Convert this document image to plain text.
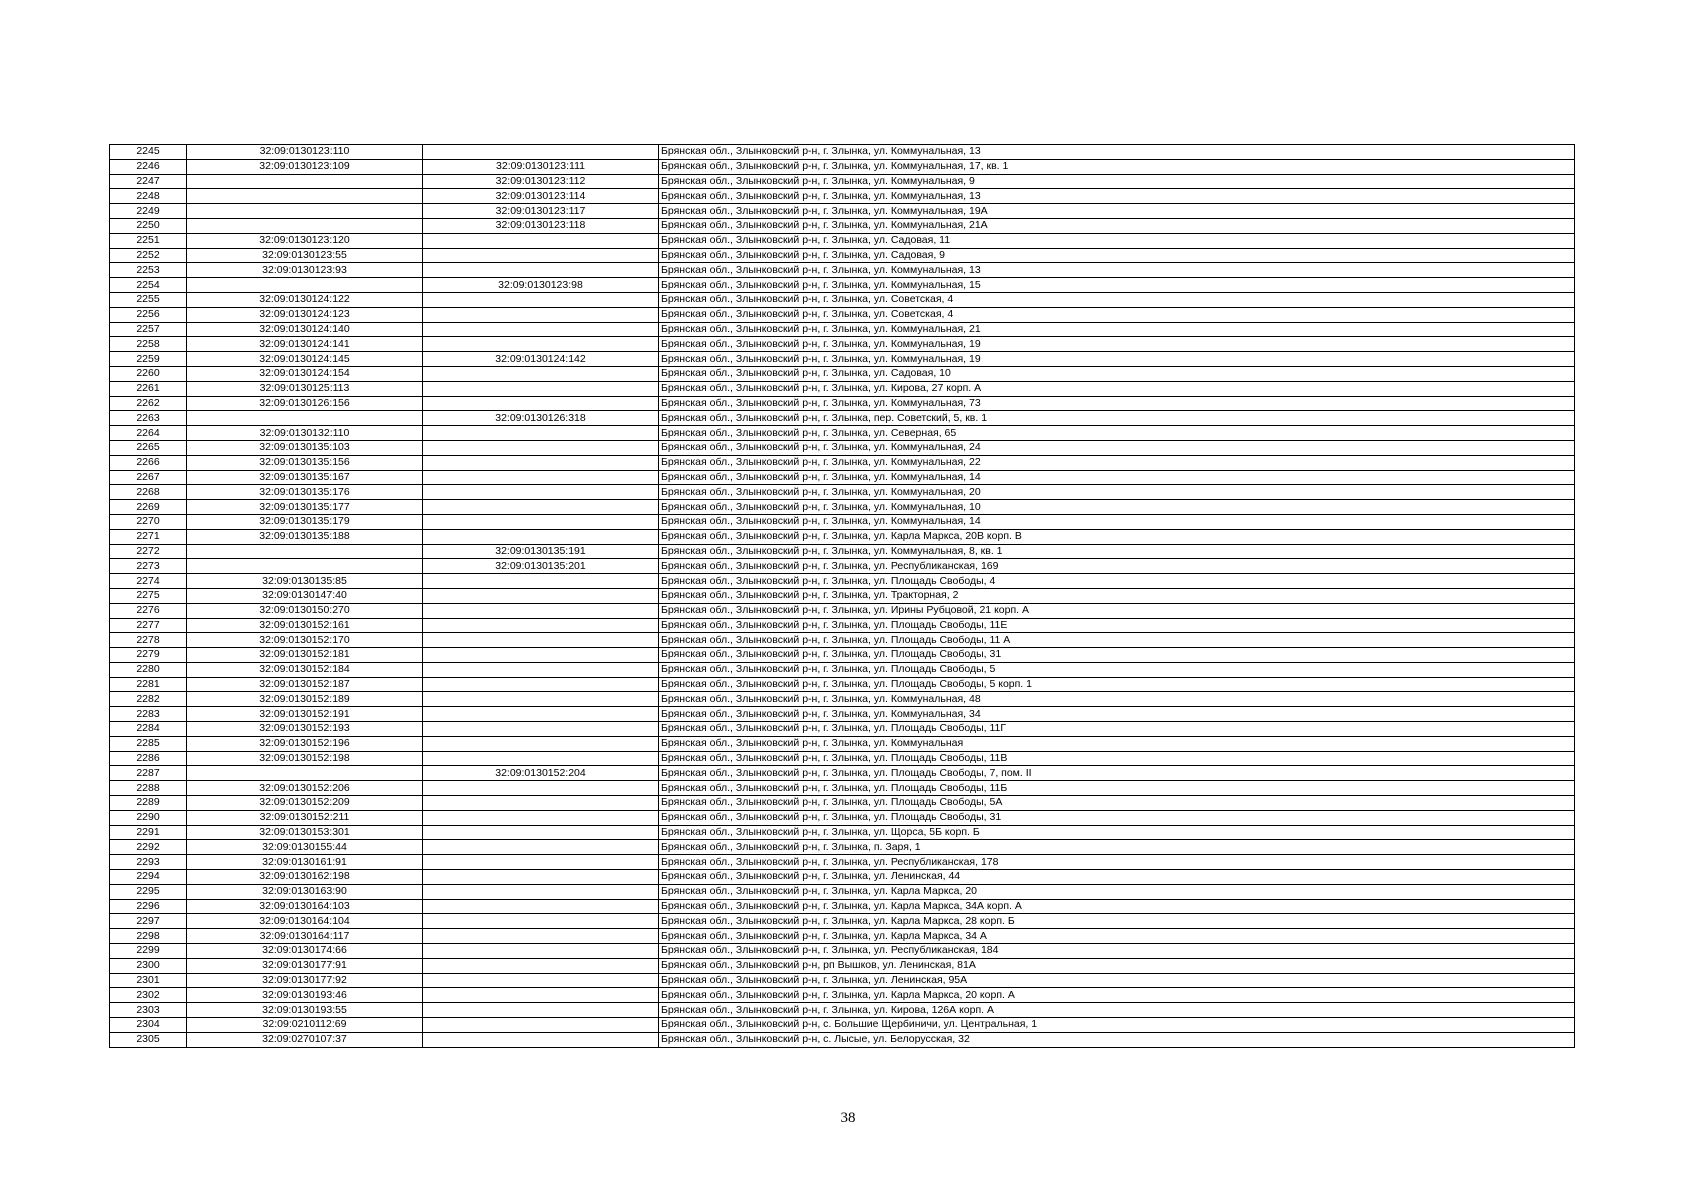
2245	32:09:0130123:110		Брянская обл., Злынковский р-н, г. Злынка, ул. Коммунальная, 13
2246	32:09:0130123:109	32:09:0130123:111	Брянская обл., Злынковский р-н, г. Злынка, ул. Коммунальная, 17, кв. 1
2247		32:09:0130123:112	Брянская обл., Злынковский р-н, г. Злынка, ул. Коммунальная, 9
2248		32:09:0130123:114	Брянская обл., Злынковский р-н, г. Злынка, ул. Коммунальная, 13
2249		32:09:0130123:117	Брянская обл., Злынковский р-н, г. Злынка, ул. Коммунальная, 19А
2250		32:09:0130123:118	Брянская обл., Злынковский р-н, г. Злынка, ул. Коммунальная, 21А
2251	32:09:0130123:120		Брянская обл., Злынковский р-н, г. Злынка, ул. Садовая, 11
2252	32:09:0130123:55		Брянская обл., Злынковский р-н, г. Злынка, ул. Садовая, 9
2253	32:09:0130123:93		Брянская обл., Злынковский р-н, г. Злынка, ул. Коммунальная, 13
2254		32:09:0130123:98	Брянская обл., Злынковский р-н, г. Злынка, ул. Коммунальная, 15
2255	32:09:0130124:122		Брянская обл., Злынковский р-н, г. Злынка, ул. Советская, 4
2256	32:09:0130124:123		Брянская обл., Злынковский р-н, г. Злынка, ул. Советская, 4
2257	32:09:0130124:140		Брянская обл., Злынковский р-н, г. Злынка, ул. Коммунальная, 21
2258	32:09:0130124:141		Брянская обл., Злынковский р-н, г. Злынка, ул. Коммунальная, 19
2259	32:09:0130124:145	32:09:0130124:142	Брянская обл., Злынковский р-н, г. Злынка, ул. Коммунальная, 19
2260	32:09:0130124:154		Брянская обл., Злынковский р-н, г. Злынка, ул. Садовая, 10
2261	32:09:0130125:113		Брянская обл., Злынковский р-н, г. Злынка, ул. Кирова, 27 корп. А
2262	32:09:0130126:156		Брянская обл., Злынковский р-н, г. Злынка, ул. Коммунальная, 73
2263		32:09:0130126:318	Брянская обл., Злынковский р-н, г. Злынка, пер. Советский, 5, кв. 1
2264	32:09:0130132:110		Брянская обл., Злынковский р-н, г. Злынка, ул. Северная, 65
2265	32:09:0130135:103		Брянская обл., Злынковский р-н, г. Злынка, ул. Коммунальная, 24
2266	32:09:0130135:156		Брянская обл., Злынковский р-н, г. Злынка, ул. Коммунальная, 22
2267	32:09:0130135:167		Брянская обл., Злынковский р-н, г. Злынка, ул. Коммунальная, 14
2268	32:09:0130135:176		Брянская обл., Злынковский р-н, г. Злынка, ул. Коммунальная, 20
2269	32:09:0130135:177		Брянская обл., Злынковский р-н, г. Злынка, ул. Коммунальная, 10
2270	32:09:0130135:179		Брянская обл., Злынковский р-н, г. Злынка, ул. Коммунальная, 14
2271	32:09:0130135:188		Брянская обл., Злынковский р-н, г. Злынка, ул. Карла Маркса, 20В корп. В
2272		32:09:0130135:191	Брянская обл., Злынковский р-н, г. Злынка, ул. Коммунальная, 8, кв. 1
2273		32:09:0130135:201	Брянская обл., Злынковский р-н, г. Злынка, ул. Республиканская, 169
2274	32:09:0130135:85		Брянская обл., Злынковский р-н, г. Злынка, ул. Площадь Свободы, 4
2275	32:09:0130147:40		Брянская обл., Злынковский р-н, г. Злынка, ул. Тракторная, 2
2276	32:09:0130150:270		Брянская обл., Злынковский р-н, г. Злынка, ул. Ирины Рубцовой, 21 корп. А
2277	32:09:0130152:161		Брянская обл., Злынковский р-н, г. Злынка, ул. Площадь Свободы, 11Е
2278	32:09:0130152:170		Брянская обл., Злынковский р-н, г. Злынка, ул. Площадь Свободы, 11 А
2279	32:09:0130152:181		Брянская обл., Злынковский р-н, г. Злынка, ул. Площадь Свободы, 31
2280	32:09:0130152:184		Брянская обл., Злынковский р-н, г. Злынка, ул. Площадь Свободы, 5
2281	32:09:0130152:187		Брянская обл., Злынковский р-н, г. Злынка, ул. Площадь Свободы, 5 корп. 1
2282	32:09:0130152:189		Брянская обл., Злынковский р-н, г. Злынка, ул. Коммунальная, 48
2283	32:09:0130152:191		Брянская обл., Злынковский р-н, г. Злынка, ул. Коммунальная, 34
2284	32:09:0130152:193		Брянская обл., Злынковский р-н, г. Злынка, ул. Площадь Свободы, 11Г
2285	32:09:0130152:196		Брянская обл., Злынковский р-н, г. Злынка, ул. Коммунальная
2286	32:09:0130152:198		Брянская обл., Злынковский р-н, г. Злынка, ул. Площадь Свободы, 11В
2287		32:09:0130152:204	Брянская обл., Злынковский р-н, г. Злынка, ул. Площадь Свободы, 7, пом. II
2288	32:09:0130152:206		Брянская обл., Злынковский р-н, г. Злынка, ул. Площадь Свободы, 11Б
2289	32:09:0130152:209		Брянская обл., Злынковский р-н, г. Злынка, ул. Площадь Свободы, 5А
2290	32:09:0130152:211		Брянская обл., Злынковский р-н, г. Злынка, ул. Площадь Свободы, 31
2291	32:09:0130153:301		Брянская обл., Злынковский р-н, г. Злынка, ул. Щорса, 5Б корп. Б
2292	32:09:0130155:44		Брянская обл., Злынковский р-н, г. Злынка, п. Заря, 1
2293	32:09:0130161:91		Брянская обл., Злынковский р-н, г. Злынка, ул. Республиканская, 178
2294	32:09:0130162:198		Брянская обл., Злынковский р-н, г. Злынка, ул. Ленинская, 44
2295	32:09:0130163:90		Брянская обл., Злынковский р-н, г. Злынка, ул. Карла Маркса, 20
2296	32:09:0130164:103		Брянская обл., Злынковский р-н, г. Злынка, ул. Карла Маркса, 34А корп. А
2297	32:09:0130164:104		Брянская обл., Злынковский р-н, г. Злынка, ул. Карла Маркса, 28 корп. Б
2298	32:09:0130164:117		Брянская обл., Злынковский р-н, г. Злынка, ул. Карла Маркса, 34 А
2299	32:09:0130174:66		Брянская обл., Злынковский р-н, г. Злынка, ул. Республиканская, 184
2300	32:09:0130177:91		Брянская обл., Злынковский р-н, рп Вышков, ул. Ленинская, 81А
2301	32:09:0130177:92		Брянская обл., Злынковский р-н, г. Злынка, ул. Ленинская, 95А
2302	32:09:0130193:46		Брянская обл., Злынковский р-н, г. Злынка, ул. Карла Маркса, 20 корп. А
2303	32:09:0130193:55		Брянская обл., Злынковский р-н, г. Злынка, ул. Кирова, 126А корп. А
2304	32:09:0210112:69		Брянская обл., Злынковский р-н, с. Большие Щербиничи, ул. Центральная, 1
2305	32:09:0270107:37		Брянская обл., Злынковский р-н, с. Лысые, ул. Белорусская, 32
38
